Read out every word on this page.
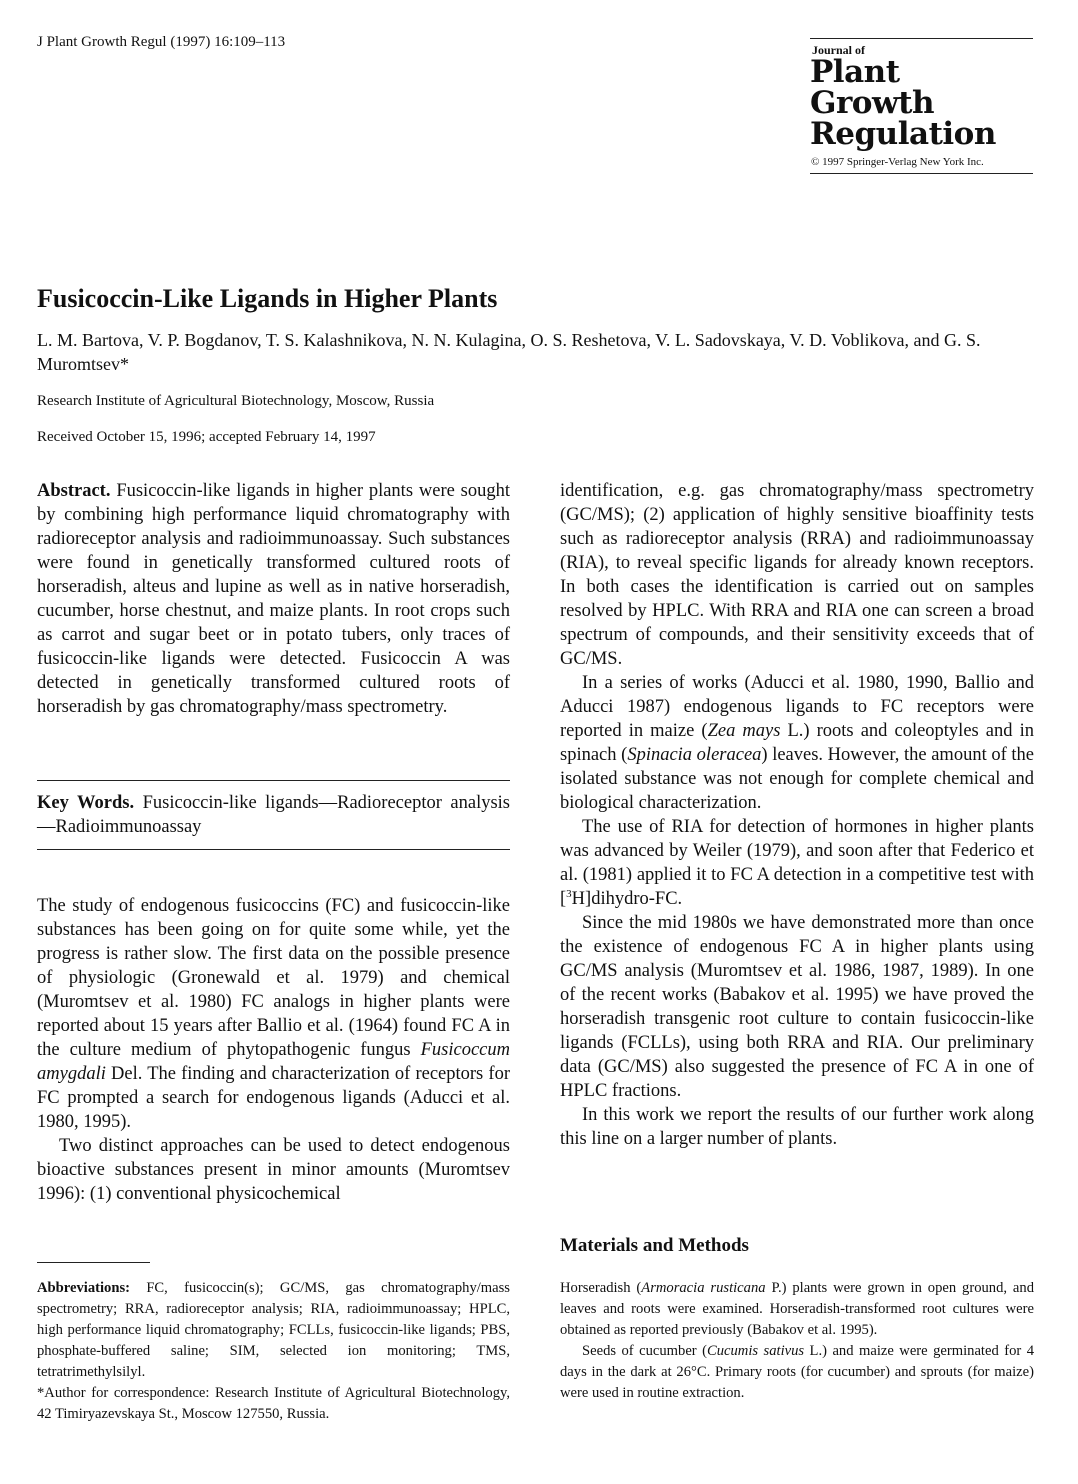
J Plant Growth Regul (1997) 16:109–113	Journal of
Plant
Growth
Regulation
© 1997 Springer-Verlag New York Inc.
Fusicoccin-Like Ligands in Higher Plants
L. M. Bartova, V. P. Bogdanov, T. S. Kalashnikova, N. N. Kulagina, O. S. Reshetova, V. L. Sadovskaya, V. D. Voblikova, and G. S. Muromtsev*
Research Institute of Agricultural Biotechnology, Moscow, Russia
Received October 15, 1996; accepted February 14, 1997

Abstract. Fusicoccin-like ligands in higher plants were sought by combining high performance liquid chromatography with radioreceptor analysis and radioimmunoassay. Such substances were found in genetically transformed cultured roots of horseradish, alteus and lupine as well as in native horseradish, cucumber, horse chestnut, and maize plants. In root crops such as carrot and sugar beet or in potato tubers, only traces of fusicoccin-like ligands were detected. Fusicoccin A was detected in genetically transformed cultured roots of horseradish by gas chromatography/mass spectrometry.

Key Words. Fusicoccin-like ligands—Radioreceptor analysis—Radioimmunoassay

The study of endogenous fusicoccins (FC) and fusicoccin-like substances has been going on for quite some while, yet the progress is rather slow. The first data on the possible presence of physiologic (Gronewald et al. 1979) and chemical (Muromtsev et al. 1980) FC analogs in higher plants were reported about 15 years after Ballio et al. (1964) found FC A in the culture medium of phytopathogenic fungus Fusicoccum amygdali Del. The finding and characterization of receptors for FC prompted a search for endogenous ligands (Aducci et al. 1980, 1995).

Two distinct approaches can be used to detect endogenous bioactive substances present in minor amounts (Muromtsev 1996): (1) conventional physicochemical

identification, e.g. gas chromatography/mass spectrometry (GC/MS); (2) application of highly sensitive bioaffinity tests such as radioreceptor analysis (RRA) and radioimmunoassay (RIA), to reveal specific ligands for already known receptors. In both cases the identification is carried out on samples resolved by HPLC. With RRA and RIA one can screen a broad spectrum of compounds, and their sensitivity exceeds that of GC/MS.

In a series of works (Aducci et al. 1980, 1990, Ballio and Aducci 1987) endogenous ligands to FC receptors were reported in maize (Zea mays L.) roots and coleoptyles and in spinach (Spinacia oleracea) leaves. However, the amount of the isolated substance was not enough for complete chemical and biological characterization.

The use of RIA for detection of hormones in higher plants was advanced by Weiler (1979), and soon after that Federico et al. (1981) applied it to FC A detection in a competitive test with [$^3$H]dihydro-FC.

Since the mid 1980s we have demonstrated more than once the existence of endogenous FC A in higher plants using GC/MS analysis (Muromtsev et al. 1986, 1987, 1989). In one of the recent works (Babakov et al. 1995) we have proved the horseradish transgenic root culture to contain fusicoccin-like ligands (FCLLs), using both RRA and RIA. Our preliminary data (GC/MS) also suggested the presence of FC A in one of HPLC fractions.

In this work we report the results of our further work along this line on a larger number of plants.

Materials and Methods

Horseradish (Armoracia rusticana P.) plants were grown in open ground, and leaves and roots were examined. Horseradish-transformed root cultures were obtained as reported previously (Babakov et al. 1995).

Seeds of cucumber (Cucumis sativus L.) and maize were germinated for 4 days in the dark at 26°C. Primary roots (for cucumber) and sprouts (for maize) were used in routine extraction.

Abbreviations: FC, fusicoccin(s); GC/MS, gas chromatography/mass spectrometry; RRA, radioreceptor analysis; RIA, radioimmunoassay; HPLC, high performance liquid chromatography; FCLLs, fusicoccin-like ligands; PBS, phosphate-buffered saline; SIM, selected ion monitoring; TMS, tetratrimethylsilyl.

*Author for correspondence: Research Institute of Agricultural Biotechnology, 42 Timiryazevskaya St., Moscow 127550, Russia.
